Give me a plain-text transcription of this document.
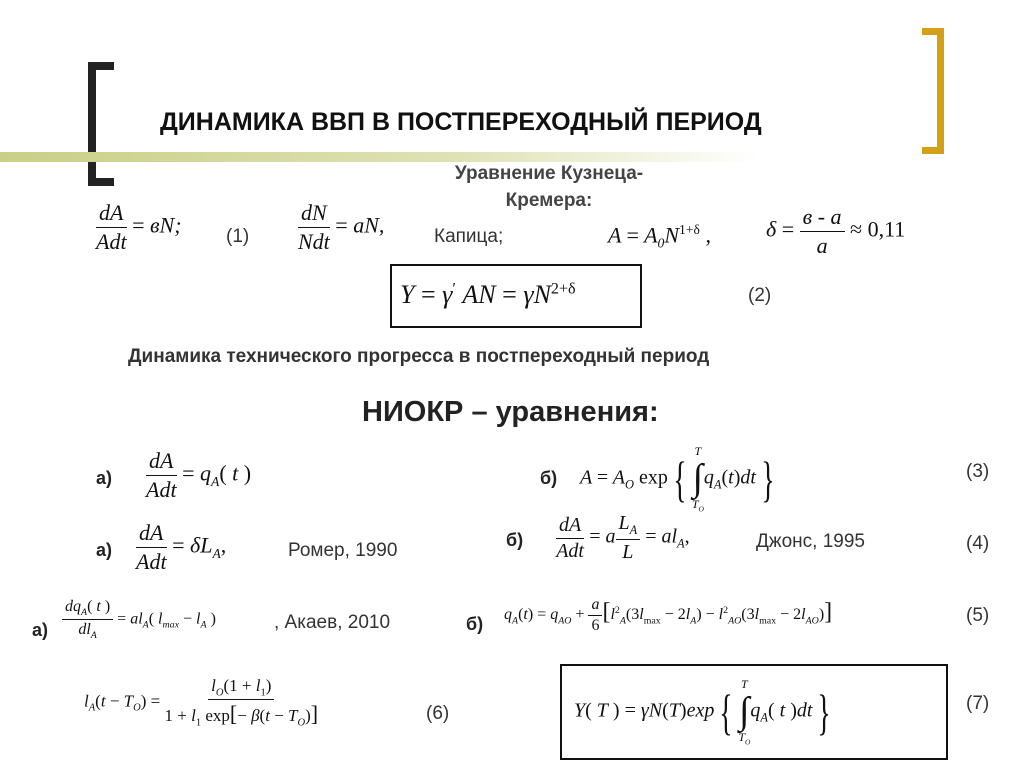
ДИНАМИКА ВВП В ПОСТПЕРЕХОДНЫЙ ПЕРИОД
Уравнение Кузнеца-
Кремера:
$\frac{dA}{\text{Adt}}$ = вN; $(1) \frac{dN}{\text{Ndt}}$ = aN,	Капица;	$A = A_0N^{1+\delta}$ ,	$\delta = \frac{в - a}{a} \approx 0,11$
Y = γ′ AN = $\gamma N^{2+\delta}$	(2)
Динамика технического прогресса в постпереходный период
НИОКР – уравнения:
$а) \frac{dA}{\text{Adt}} = q_A$( t )	б) $A = A_O$ exp { T
∫
$T_O$
$q_A(t)dt$ }	(3)
$а) \frac{dA}{\text{Adt}} = \delta L_A$,	Ромер, 1990	$б) \frac{dA}{\text{Adt}} = a \frac{L_A}{L} = al_A$,	Джонс, 1995	(4)
$а) \frac{dq_A( t )}{dl_A} = al_A$( $l_{max} - l_A$ )	, Акаев, 2010	б) $q_A(t) = q_{AO} + \frac{a}{6} [l^2_A(3l_{max} - 2l_A) - l^2_{AO}(3l_{max} - 2l_{AO})]$	(5)
$l_A(t - T_O) = \frac{l_O(1 + l_1)}{1 + l_1 \exp[- \beta(t - T_O)]}$	(6)	Y( T ) = γN(T)exp { T
∫
$T_O$
$q_A$( t )dt }	(7)
